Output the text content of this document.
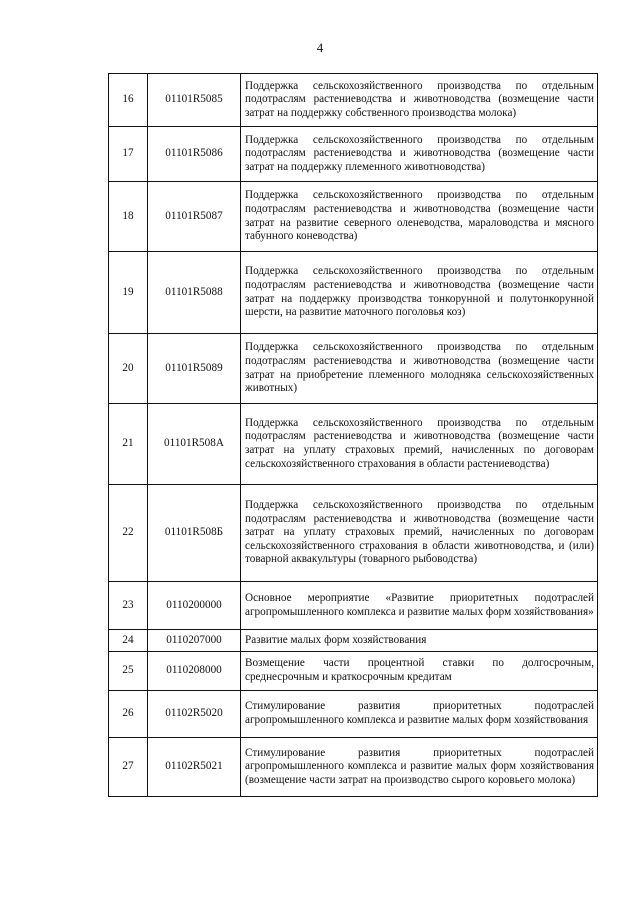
4
16	01101R5085	Поддержка сельскохозяйственного производства по отдельным подотраслям растениеводства и животноводства (возмещение части затрат на поддержку собственного производства молока)
17	01101R5086	Поддержка сельскохозяйственного производства по отдельным подотраслям растениеводства и животноводства (возмещение части затрат на поддержку племенного животноводства)
18	01101R5087	Поддержка сельскохозяйственного производства по отдельным подотраслям растениеводства и животноводства (возмещение части затрат на развитие северного оленеводства, мараловодства и мясного табунного коневодства)
19	01101R5088	Поддержка сельскохозяйственного производства по отдельным подотраслям растениеводства и животноводства (возмещение части затрат на поддержку производства тонкорунной и полутонкорунной шерсти, на развитие маточного поголовья коз)
20	01101R5089	Поддержка сельскохозяйственного производства по отдельным подотраслям растениеводства и животноводства (возмещение части затрат на приобретение племенного молодняка сельскохозяйственных животных)
21	01101R508А	Поддержка сельскохозяйственного производства по отдельным подотраслям растениеводства и животноводства (возмещение части затрат на уплату страховых премий, начисленных по договорам сельскохозяйственного страхования в области растениеводства)
22	01101R508Б	Поддержка сельскохозяйственного производства по отдельным подотраслям растениеводства и животноводства (возмещение части затрат на уплату страховых премий, начисленных по договорам сельскохозяйственного страхования в области животноводства, и (или) товарной аквакультуры (товарного рыбоводства)
23	0110200000	Основное мероприятие «Развитие приоритетных подотраслей агропромышленного комплекса и развитие малых форм хозяйствования»
24	0110207000	Развитие малых форм хозяйствования
25	0110208000	Возмещение части процентной ставки по долгосрочным, среднесрочным и краткосрочным кредитам
26	01102R5020	Стимулирование развития приоритетных подотраслей агропромышленного комплекса и развитие малых форм хозяйствования
27	01102R5021	Стимулирование развития приоритетных подотраслей агропромышленного комплекса и развитие малых форм хозяйствования (возмещение части затрат на производство сырого коровьего молока)
